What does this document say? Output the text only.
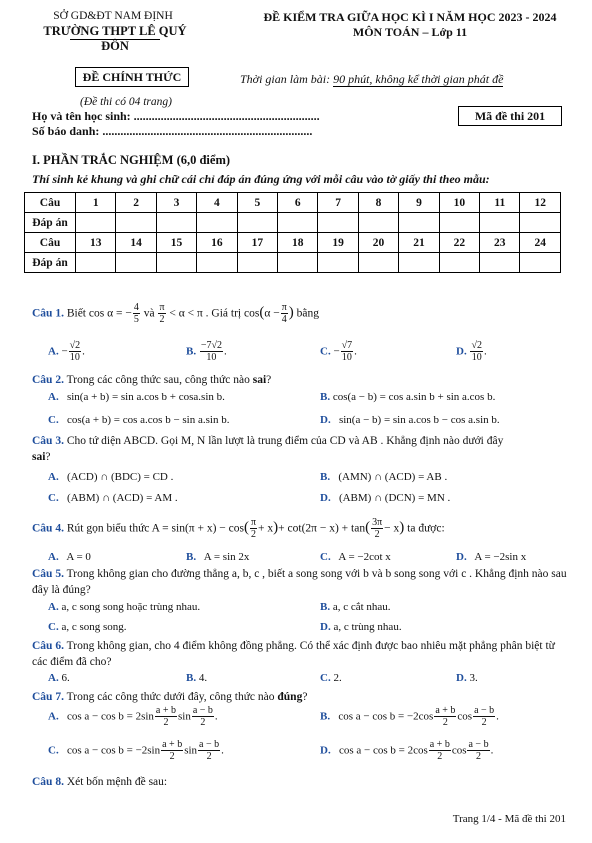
SỞ GD&ĐT NAM ĐỊNH
TRƯỜNG THPT LÊ QUÝ ĐÔN
ĐỀ KIỂM TRA GIỮA HỌC KÌ I NĂM HỌC 2023 - 2024
MÔN TOÁN – Lớp 11
ĐỀ CHÍNH THỨC	Thời gian làm bài: 90 phút, không kể thời gian phát đề
(Đề thi có 04 trang)
Họ và tên học sinh: ..............................................................
Số báo danh: ......................................................................
Mã đề thi 201
I. PHẦN TRẮC NGHIỆM (6,0 điểm)
Thí sinh kẻ khung và ghi chữ cái chỉ đáp án đúng ứng với mỗi câu vào tờ giấy thi theo mẫu:
Câu	1	2	3	4	5	6	7	8	9	10	11	12
Đáp án												
Câu	13	14	15	16	17	18	19	20	21	22	23	24
Đáp án												
Câu 1. Biết cos α = − $\frac{4}{5}$ và $\frac{\pi}{2} < \alpha < \pi$ . Giá trị $\cos(\alpha - \frac{\pi}{4}$ ) bằng
A. − $\frac{√2}{10}$ .	B. $\frac{-7√2}{10}$ .	C. − $\frac{√7}{10}$ .	D. $\frac{√2}{10}$ .
Câu 2. Trong các công thức sau, công thức nào sai?
A. sin(a + b) = sin a.cos b + cosa.sin b.	B. cos(a − b) = cos a.sin b + sin a.cos b.
C. cos(a + b) = cos a.cos b − sin a.sin b.	D. sin(a − b) = sin a.cos b − cos a.sin b.
Câu 3. Cho tứ diện ABCD. Gọi M, N lần lượt là trung điểm của CD và AB . Khẳng định nào dưới đây
sai?
A. (ACD) ∩ (BDC) = CD .	B. (AMN) ∩ (ACD) = AB .
C. (ABM) ∩ (ACD) = AM .	D. (ABM) ∩ (DCN) = MN .
Câu 4. Rút gọn biểu thức $A = \sin(\pi + x) - \cos( \frac{\pi}{2} + x)+ \cot(2\pi - x) + \tan( \frac{3\pi}{2} - x)$ ta được:
A. A = 0	B. A = sin 2x	C. A = −2cot x	D. A = −2sin x
Câu 5. Trong không gian cho đường thẳng a, b, c , biết a song song với b và b song song với c . Khẳng định nào sau đây là đúng?
A. a, c song song hoặc trùng nhau.	B. a, c cắt nhau.
C. a, c song song.	D. a, c trùng nhau.
Câu 6. Trong không gian, cho 4 điểm không đồng phẳng. Có thể xác định được bao nhiêu mặt phẳng phân biệt từ các điểm đã cho?
A. 6.	B. 4.	C. 2.	D. 3.
Câu 7. Trong các công thức dưới đây, công thức nào đúng?
A. $\cos a - \cos b = 2\sin \frac{a + b}{2}$ $\sin \frac{a - b}{2}$ .	B. $\cos a - \cos b = -2\cos \frac{a + b}{2}$ $\cos \frac{a - b}{2}$ .
C. $\cos a - \cos b = -2\sin \frac{a + b}{2}$ $\sin \frac{a - b}{2}$ .	D. $\cos a - \cos b = 2\cos \frac{a + b}{2}$ $\cos \frac{a - b}{2}$ .
Câu 8. Xét bốn mệnh đề sau:
Trang 1/4 - Mã đề thi 201
